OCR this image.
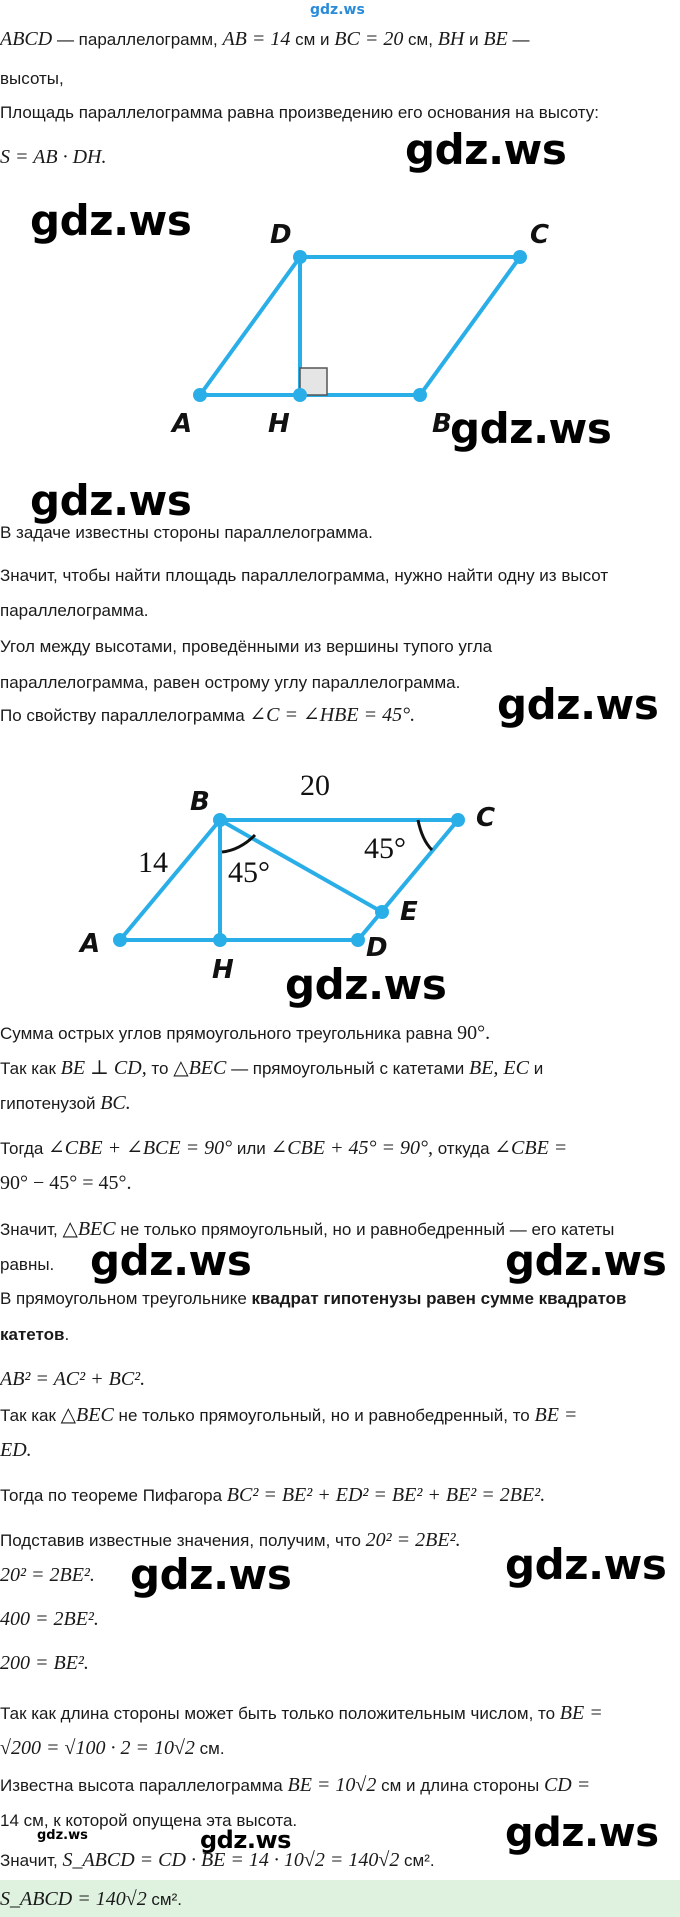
gdz.ws
ABCD — параллелограмм, AB = 14 см и BC = 20 см, BH и BE —
высоты,
Площадь параллелограмма равна произведению его основания на высоту:
S = AB · DH.	gdz.ws
gdz.ws	D	C
A	H	B
gdz.ws
gdz.ws
В задаче известны стороны параллелограмма.
Значит, чтобы найти площадь параллелограмма, нужно найти одну из высот
параллелограмма.
Угол между высотами, проведёнными из вершины тупого угла
параллелограмма, равен острому углу параллелограмма.
По свойству параллелограмма ∠C = ∠HBE = 45°.	gdz.ws
B
C
A
H
E
D
20
14	45°
45°
gdz.ws
Сумма острых углов прямоугольного треугольника равна 90°.
Так как BE ⊥ CD, то △BEC — прямоугольный с катетами BE, EC и
гипотенузой BC.
Тогда ∠CBE + ∠BCE = 90° или ∠CBE + 45° = 90°, откуда ∠CBE =
90° − 45° = 45°.
Значит, △BEC не только прямоугольный, но и равнобедренный — его катеты
равны. gdz.ws	gdz.ws
В прямоугольном треугольнике квадрат гипотенузы равен сумме квадратов
катетов.
AB² = AC² + BC².
Так как △BEC не только прямоугольный, но и равнобедренный, то BE =
ED.
Тогда по теореме Пифагора BC² = BE² + ED² = BE² + BE² = 2BE².
Подставив известные значения, получим, что 20² = 2BE².
20² = 2BE².
400 = 2BE².
200 = BE².
gdz.ws	gdz.ws
Так как длина стороны может быть только положительным числом, то BE =
√200 = √100 · 2 = 10√2 см.
Известна высота параллелограмма BE = 10√2 см и длина стороны CD =
14 см, к которой опущена эта высота.
gdz.ws	gdz.ws
gdz.ws
Значит, S_ABCD = CD · BE = 14 · 10√2 = 140√2 см².
S_ABCD = 140√2 см².
